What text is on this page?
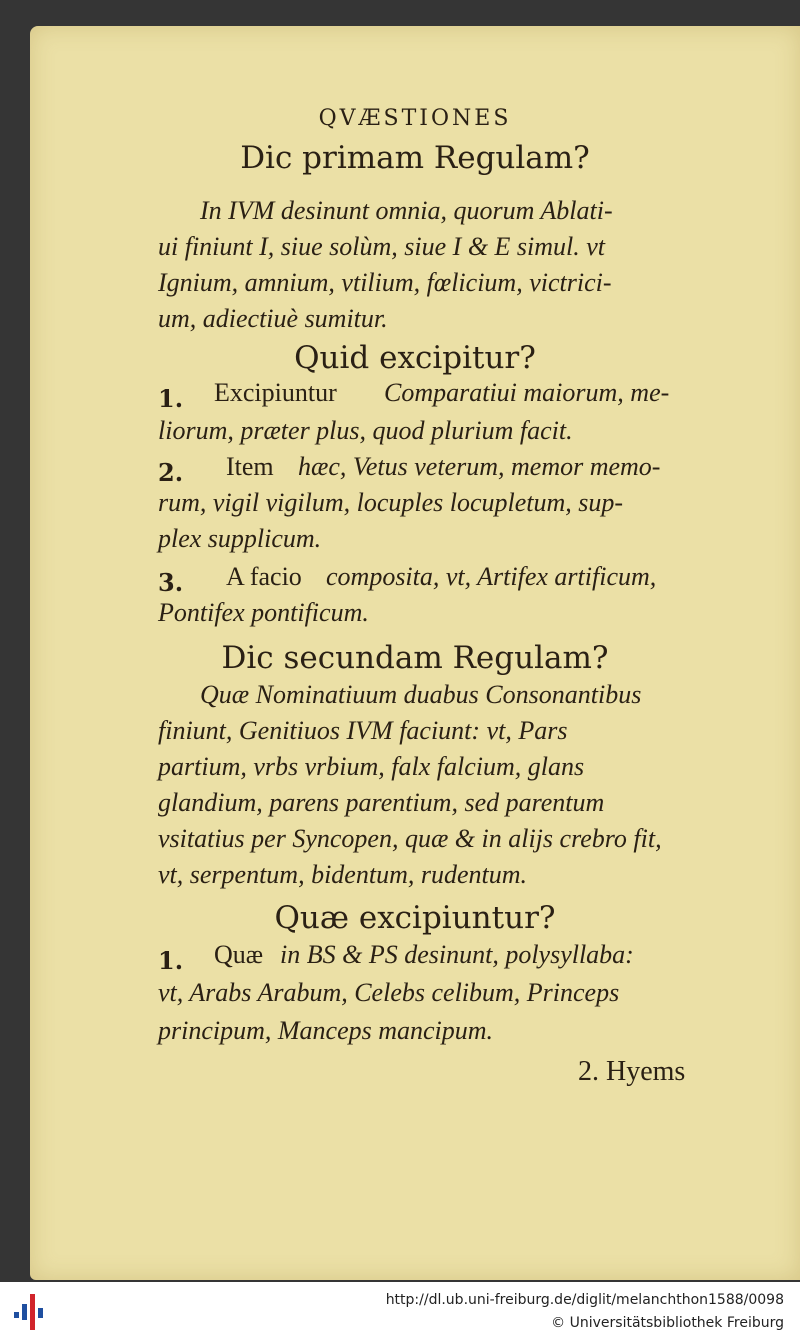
QVÆSTIONES
Dic primam Regulam?
In IVM desinunt omnia, quorum Ablati-
ui finiunt I, siue solùm, siue I & E simul. vt
Ignium, amnium, vtilium, fœlicium, victrici-
um, adiectiuè sumitur.
Quid excipitur?
1. Excipiuntur Comparatiui maiorum, me-
liorum, præter plus, quod plurium facit.
2. Item hæc, Vetus veterum, memor memo-
rum, vigil vigilum, locuples locupletum, sup-
plex supplicum.
3. A facio composita, vt, Artifex artificum,
Pontifex pontificum.
Dic secundam Regulam?
Quæ Nominatiuum duabus Consonantibus
finiunt, Genitiuos IVM faciunt: vt, Pars
partium, vrbs vrbium, falx falcium, glans
glandium, parens parentium, sed parentum
vsitatius per Syncopen, quæ & in alijs crebro fit,
vt, serpentum, bidentum, rudentum.
Quæ excipiuntur?
1. Quæ in BS & PS desinunt, polysyllaba:
vt, Arabs Arabum, Celebs celibum, Princeps
principum, Manceps mancipum.
2. Hyems
http://dl.ub.uni-freiburg.de/diglit/melanchthon1588/0098
© Universitätsbibliothek Freiburg
